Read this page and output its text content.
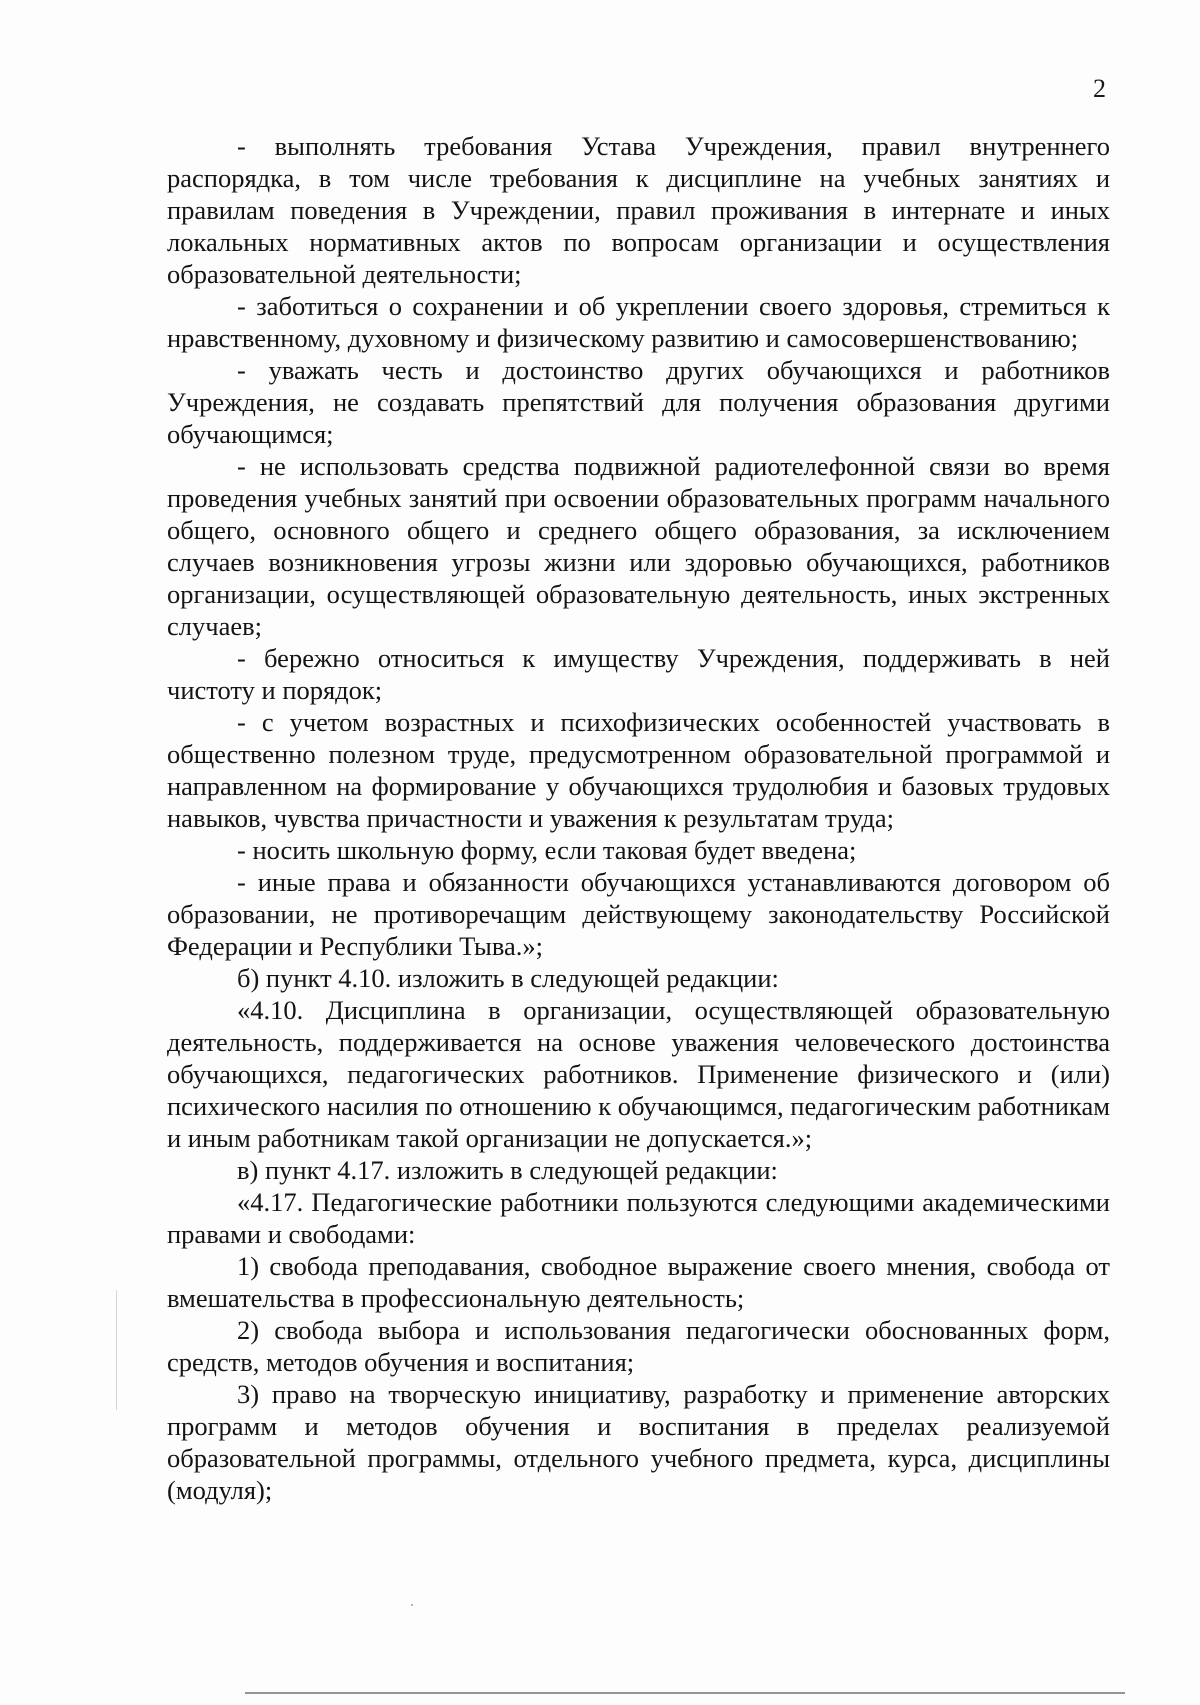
2

- выполнять требования Устава Учреждения, правил внутреннего распорядка, в том числе требования к дисциплине на учебных занятиях и правилам поведения в Учреждении, правил проживания в интернате и иных локальных нормативных актов по вопросам организации и осуществления образовательной деятельности;

- заботиться о сохранении и об укреплении своего здоровья, стремиться к нравственному, духовному и физическому развитию и самосовершенствованию;

- уважать честь и достоинство других обучающихся и работников Учреждения, не создавать препятствий для получения образования другими обучающимся;

- не использовать средства подвижной радиотелефонной связи во время проведения учебных занятий при освоении образовательных программ начального общего, основного общего и среднего общего образования, за исключением случаев возникновения угрозы жизни или здоровью обучающихся, работников организации, осуществляющей образовательную деятельность, иных экстренных случаев;

- бережно относиться к имуществу Учреждения, поддерживать в ней чистоту и порядок;

- с учетом возрастных и психофизических особенностей участвовать в общественно полезном труде, предусмотренном образовательной программой и направленном на формирование у обучающихся трудолюбия и базовых трудовых навыков, чувства причастности и уважения к результатам труда;

- носить школьную форму, если таковая будет введена;

- иные права и обязанности обучающихся устанавливаются договором об образовании, не противоречащим действующему законодательству Российской Федерации и Республики Тыва.»;

б) пункт 4.10. изложить в следующей редакции:

«4.10. Дисциплина в организации, осуществляющей образовательную деятельность, поддерживается на основе уважения человеческого достоинства обучающихся, педагогических работников. Применение физического и (или) психического насилия по отношению к обучающимся, педагогическим работникам и иным работникам такой организации не допускается.»;

в) пункт 4.17. изложить в следующей редакции:

«4.17. Педагогические работники пользуются следующими академическими правами и свободами:

1) свобода преподавания, свободное выражение своего мнения, свобода от вмешательства в профессиональную деятельность;

2) свобода выбора и использования педагогически обоснованных форм, средств, методов обучения и воспитания;

3) право на творческую инициативу, разработку и применение авторских программ и методов обучения и воспитания в пределах реализуемой образовательной программы, отдельного учебного предмета, курса, дисциплины (модуля);
